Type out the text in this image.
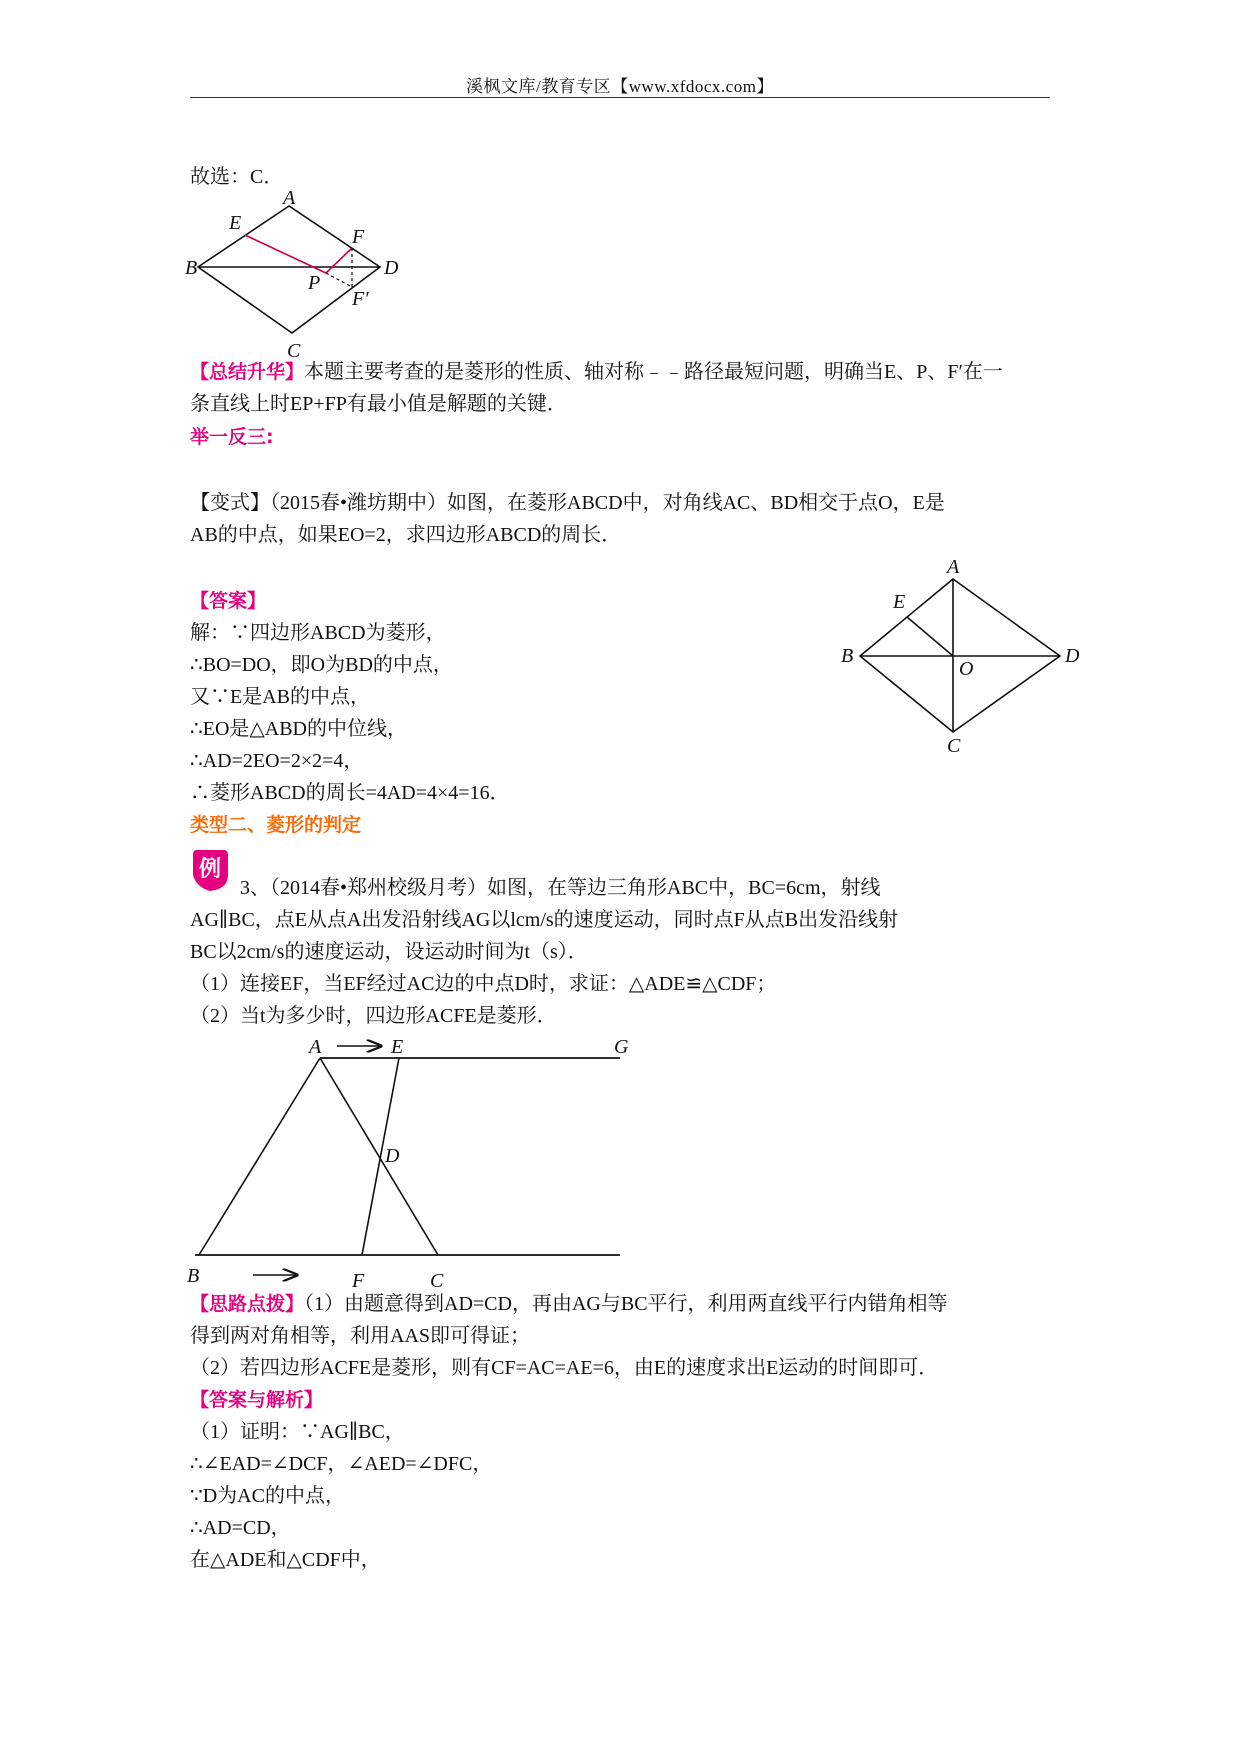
溪枫文库/教育专区【www.xfdocx.com】
故选：C．
A
B
C
D
E
F
P
F′
【总结升华】本题主要考查的是菱形的性质、轴对称﹣﹣路径最短问题，明确当E、P、F′在一
条直线上时EP+FP有最小值是解题的关键．
举一反三:
【变式】（2015春•潍坊期中）如图，在菱形ABCD中，对角线AC、BD相交于点O，E是
AB的中点，如果EO=2，求四边形ABCD的周长．
【答案】
解：∵四边形ABCD为菱形，
∴BO=DO，即O为BD的中点，
又∵E是AB的中点，
∴EO是△ABD的中位线，
∴AD=2EO=2×2=4，
∴菱形ABCD的周长=4AD=4×4=16．
A
B
C
D
E
O
类型二、菱形的判定
例
3、（2014春•郑州校级月考）如图，在等边三角形ABC中，BC=6cm，射线
AG∥BC，点E从点A出发沿射线AG以lcm/s的速度运动，同时点F从点B出发沿线射
BC以2cm/s的速度运动，设运动时间为t（s）．
（1）连接EF，当EF经过AC边的中点D时，求证：△ADE≌△CDF；
（2）当t为多少时，四边形ACFE是菱形．
A	E	G
D
B	F	C
【思路点拨】（1）由题意得到AD=CD，再由AG与BC平行，利用两直线平行内错角相等
得到两对角相等，利用AAS即可得证；
（2）若四边形ACFE是菱形，则有CF=AC=AE=6，由E的速度求出E运动的时间即可．
【答案与解析】
（1）证明：∵AG∥BC，
∴∠EAD=∠DCF，∠AED=∠DFC，
∵D为AC的中点，
∴AD=CD，
在△ADE和△CDF中，
